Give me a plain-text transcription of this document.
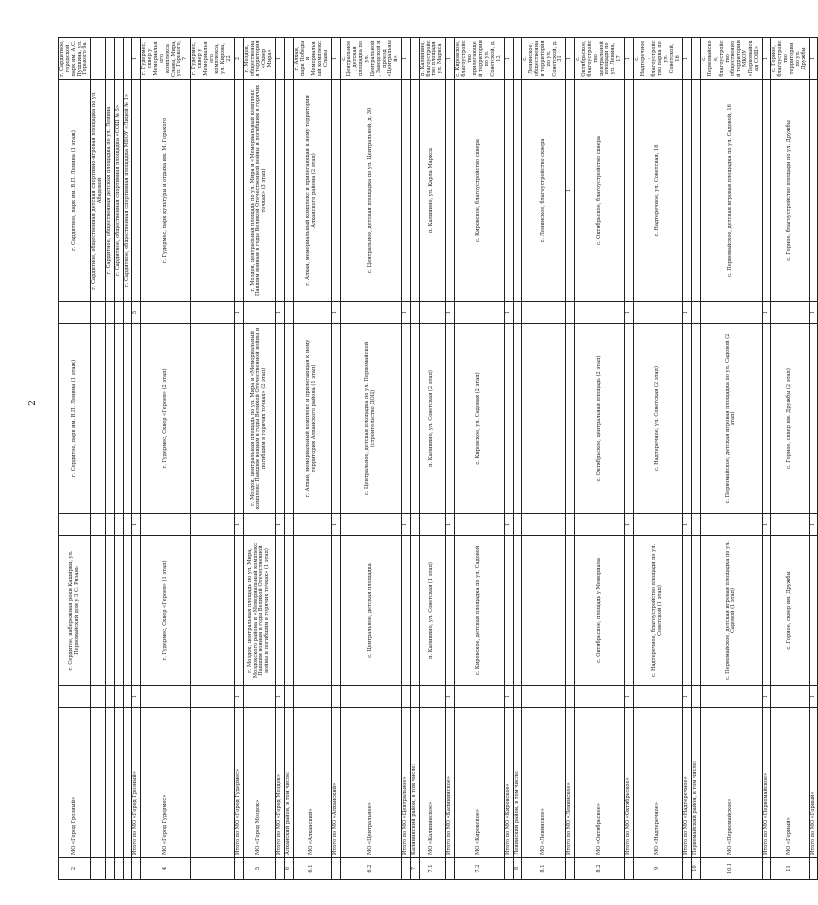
2
2	МО «Город Грозный»		г. Сердитое, набережная реки Каширки, ул. Первомайский дом у 3 С. Рязань		г. Сердитое, парк им. В.П. Ленина (1 этаж)		г. Сардитное, парк им. В.П. Ленина (1 этаж)	г. Сардитное, городской парк им. А.С. Пушкина, ул. Горького 9а
							г. Сардитное, общественная детская спортивно-игровая площадка по ул. Абадовой	
							г. Сардитное, общественная детская площадка по ул. Ленина	
							г. Сардитное, общественная спортивная площадка «СОШ № 5»	
							г. Сардитное, общественная спортивная площадка МБОУ «Лицей № 1»	
	Итого по МО «Город Грозный»	1		1		5		1
4	МО «Город Гудермес»		г. Гудермес, Сквер «Героев» (1 этап)		г. Гудермес, Сквер «Героев» (2 этап)		г. Гудермес, парк культуры и отдыха им. М. Горького	г. Гудермес, сквер у Мемориального комплекса Славы, Мира, ул. Горького, 7
								г. Гудермес, сквер у Мемориального комплекса, ул. Кирова, 22
	Итого по МО «Город Гудермес»	1		1		1		2
5	МО «Город Моздок»		г. Моздок, центральная площадь по ул. Мира, Моздокского района и «Мемориальный комплекс Павшим воинам в годы Великой Отечественной войны и погибшим в горячих точках» (1 этап)		г. Моздок, центральная площадь по ул. Мира и «Мемориальный комплекс Павшим воинам в годы Великой Отечественной войны и погибшим в горячих точках» (2 этап)		г. Моздок, центральная площадь по ул. Мира и «Мемориальный комплекс Павшим воинам в годы Великой Отечественной войны и погибшим в горячих точках» (3 этап)	г. Моздок, общественная территория «Сквер Мира»
	Итого по МО «Город Моздок»	1		1		1		1
6	Алханский район, в том числе:							
6.1	МО «Алханский»				г. Алхан, мемориальный комплекс и прилегающая к нему территория Алханского района (1 этап)		г. Алхан, мемориальный комплекс и прилегающая к нему территория Алханского района (2 этап)	г. Алхан, парк Победы и Мемориальный комплекс Славы
	Итого по МО «Алханский»			1		1		1
6.2	МО «Центральное»		с. Центральное, детская площадка		с. Центральное, детская площадка по ул. Первомайской (строительство ДОЦ)		с. Центральное, детская площадка по ул. Центральной, д. 30	с. Центральное, детская площадка по ул. Центральной, Заводской и проезд «Центральный»
	Итого по МО «Центральное»			1		1		1
7	Калининский район, в том числе:							
7.1	МО «Калининское»		п. Калинино, ул. Советская (1 этап)		п. Калинино, ул. Советская (2 этап)		п. Калинино, ул. Карла Маркса	п. Калинино, благоустройство площади ул. Маркса
	Итого по МО «Калининское»	1		1		1		1
7.2	МО «Кировское»		с. Кировское, детская площадка по ул. Садовой		с. Кировское, ул. Садовая (2 этап)		с. Кировское, благоустройство сквера	с. Кировское, благоустройство прилегающей территории по ул. Советской, д. 12
	Итого по МО «Кировское»	1		1		1		1
8	Ленинский район, в том числе:							
8.1	МО «Ленинское»						с. Ленинское, благоустройство сквера	с. Ленинское, общественная территория по ул. Советской, д. 31
	Итого по МО «Ленинское»						1	1
8.2	МО «Октябрьское»		с. Октябрьское, площадь у Мемориала		с. Октябрьское, центральная площадь (2 этап)		с. Октябрьское, благоустройство сквера	с. Октябрьское, благоустройство центральной площади по ул. Ленина, 17
	Итого по МО «Октябрьское»	1		1		1		1
9	МО «Надтеречное»		с. Надтеречное, благоустройство площади по ул. Советской (1 этап)		с. Надтеречное, ул. Советская (2 этап)		с. Надтеречное, ул. Советская, 16	с. Надтеречное, благоустройство парка по ул. Советской, 16
	Итого по МО «Надтеречное»	1		1		1		1
10	Первомайский район, в том числе:							
10.1	МО «Первомайское»		с. Первомайское, детская игровая площадка по ул. Садовой (1 этап)		с. Первомайское, детская игровая площадка по ул. Садовой (2 этап)		с. Первомайское, детская игровая площадка по ул. Садовой, 16	с. Первомайское, благоустройство общественной территории МКОУ «Первомайская СОШ»
	Итого по МО «Первомайское»	1		1		1		1
11	МО «Горный»		с. Горное, сквер им. Дружбы		с. Горное, сквер им. Дружбы (2 этап)		с. Горное, благоустройство площади по ул. Дружбы	с. Горное, благоустройство территории по ул. Дружбы
	Итого по МО «Горный»	1		1		1		1
